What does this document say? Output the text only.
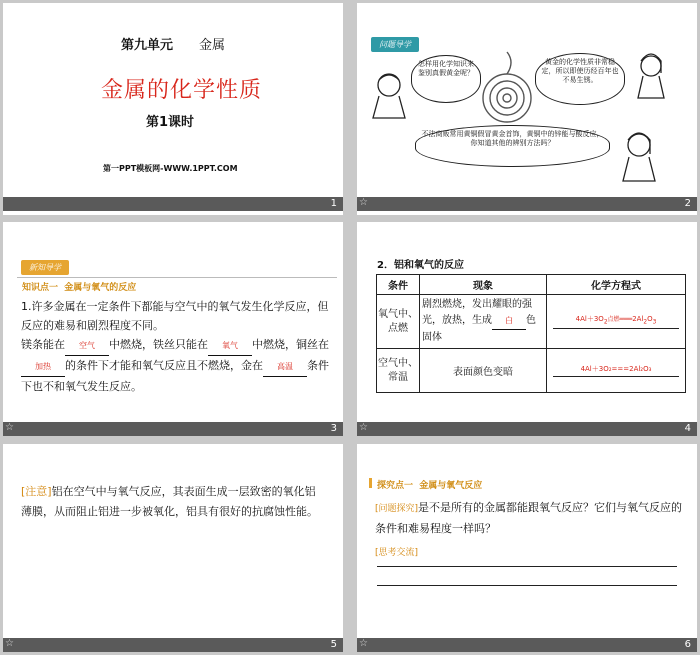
第九单元 金属
金属的化学性质
第1课时
第一PPT模板网-WWW.1PPT.COM
1
问题导学
怎样用化学知识来鉴别真假黄金呢？
黄金的化学性质非常稳定，所以即使历经百年也不易生锈。
不法商贩常用黄铜假冒黄金首饰，黄铜中的锌能与酸反应，你知道其他的辨别方法吗？
☆	2
新知导学
知识点一 金属与氧气的反应
1.许多金属在一定条件下都能与空气中的氧气发生化学反应，但反应的难易和剧烈程度不同。
镁条能在 空气 中燃烧，铁丝只能在 氧气 中燃烧，铜丝在加热 的条件下才能和氧气反应且不燃烧，金在 高温 条件下也不和氧气发生反应。
☆	3
2．铝和氧气的反应
条件	现象	化学方程式
氧气中、点燃	剧烈燃烧，发出耀眼的强光，放热，生成 白 色固体	$4Al+3O_2$点燃$═══2Al_2O_3$

空气中、常温	表面颜色变暗	4Al＋3O₂===2Al₂O₃
☆	4
[注意]铝在空气中与氧气反应，其表面生成一层致密的氧化铝薄膜，从而阻止铝进一步被氧化，铝具有很好的抗腐蚀性能。
☆	5
探究点一 金属与氧气反应
[问题探究]是不是所有的金属都能跟氧气反应？它们与氧气反应的条件和难易程度一样吗？
[思考交流]
☆	6
